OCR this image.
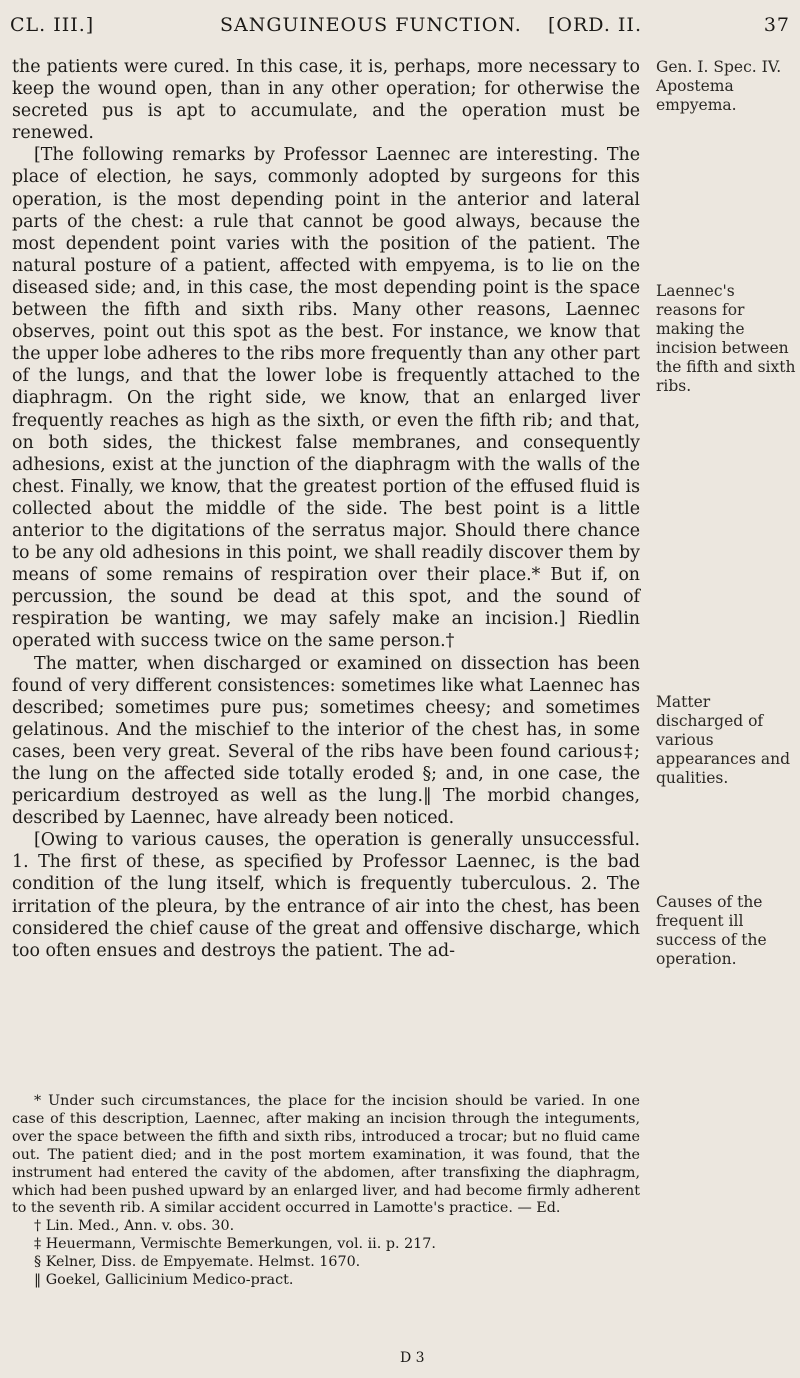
CL. III.]	SANGUINEOUS FUNCTION. [ORD. II.	37

the patients were cured. In this case, it is, perhaps, more necessary to keep the wound open, than in any other operation; for otherwise the secreted pus is apt to accumulate, and the operation must be renewed.

[The following remarks by Professor Laennec are interesting. The place of election, he says, commonly adopted by surgeons for this operation, is the most depending point in the anterior and lateral parts of the chest: a rule that cannot be good always, because the most dependent point varies with the position of the patient. The natural posture of a patient, affected with empyema, is to lie on the diseased side; and, in this case, the most depending point is the space between the fifth and sixth ribs. Many other reasons, Laennec observes, point out this spot as the best. For instance, we know that the upper lobe adheres to the ribs more frequently than any other part of the lungs, and that the lower lobe is frequently attached to the diaphragm. On the right side, we know, that an enlarged liver frequently reaches as high as the sixth, or even the fifth rib; and that, on both sides, the thickest false membranes, and consequently adhesions, exist at the junction of the diaphragm with the walls of the chest. Finally, we know, that the greatest portion of the effused fluid is collected about the middle of the side. The best point is a little anterior to the digitations of the serratus major. Should there chance to be any old adhesions in this point, we shall readily discover them by means of some remains of respiration over their place.* But if, on percussion, the sound be dead at this spot, and the sound of respiration be wanting, we may safely make an incision.] Riedlin operated with success twice on the same person.†

The matter, when discharged or examined on dissection has been found of very different consistences: sometimes like what Laennec has described; sometimes pure pus; sometimes cheesy; and sometimes gelatinous. And the mischief to the interior of the chest has, in some cases, been very great. Several of the ribs have been found carious‡; the lung on the affected side totally eroded §; and, in one case, the pericardium destroyed as well as the lung.‖ The morbid changes, described by Laennec, have already been noticed.

[Owing to various causes, the operation is generally unsuccessful. 1. The first of these, as specified by Professor Laennec, is the bad condition of the lung itself, which is frequently tuberculous. 2. The irritation of the pleura, by the entrance of air into the chest, has been considered the chief cause of the great and offensive discharge, which too often ensues and destroys the patient. The ad-

* Under such circumstances, the place for the incision should be varied. In one case of this description, Laennec, after making an incision through the integuments, over the space between the fifth and sixth ribs, introduced a trocar; but no fluid came out. The patient died; and in the post mortem examination, it was found, that the instrument had entered the cavity of the abdomen, after transfixing the diaphragm, which had been pushed upward by an enlarged liver, and had become firmly adherent to the seventh rib. A similar accident occurred in Lamotte's practice. — Ed.

† Lin. Med., Ann. v. obs. 30.

‡ Heuermann, Vermischte Bemerkungen, vol. ii. p. 217.

§ Kelner, Diss. de Empyemate. Helmst. 1670.

‖ Goekel, Gallicinium Medico-pract.

D 3
Gen. I. Spec. IV. Apostema empyema.
Laennec's reasons for making the incision between the fifth and sixth ribs.
Matter discharged of various appearances and qualities.
Causes of the frequent ill success of the operation.
